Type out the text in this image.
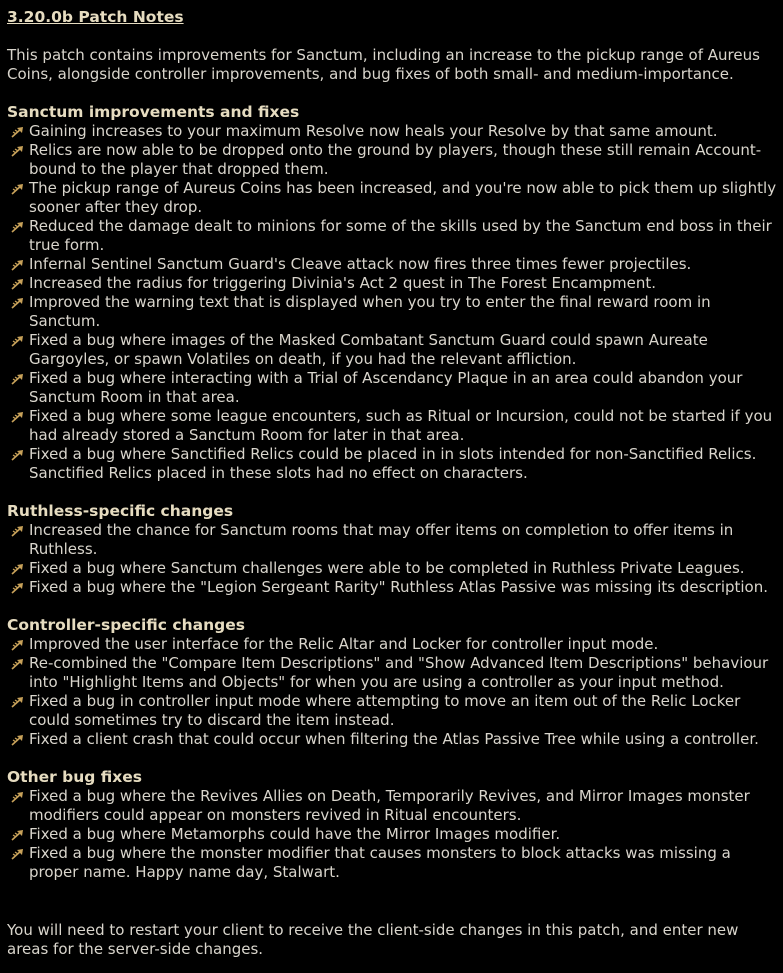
3.20.0b Patch Notes
This patch contains improvements for Sanctum, including an increase to the pickup range of Aureus Coins, alongside controller improvements, and bug fixes of both small- and medium-importance.
Sanctum improvements and fixes
Gaining increases to your maximum Resolve now heals your Resolve by that same amount.
Relics are now able to be dropped onto the ground by players, though these still remain Account-bound to the player that dropped them.
The pickup range of Aureus Coins has been increased, and you're now able to pick them up slightly sooner after they drop.
Reduced the damage dealt to minions for some of the skills used by the Sanctum end boss in their true form.
Infernal Sentinel Sanctum Guard's Cleave attack now fires three times fewer projectiles.
Increased the radius for triggering Divinia's Act 2 quest in The Forest Encampment.
Improved the warning text that is displayed when you try to enter the final reward room in Sanctum.
Fixed a bug where images of the Masked Combatant Sanctum Guard could spawn Aureate Gargoyles, or spawn Volatiles on death, if you had the relevant affliction.
Fixed a bug where interacting with a Trial of Ascendancy Plaque in an area could abandon your Sanctum Room in that area.
Fixed a bug where some league encounters, such as Ritual or Incursion, could not be started if you had already stored a Sanctum Room for later in that area.
Fixed a bug where Sanctified Relics could be placed in in slots intended for non-Sanctified Relics. Sanctified Relics placed in these slots had no effect on characters.
Ruthless-specific changes
Increased the chance for Sanctum rooms that may offer items on completion to offer items in Ruthless.
Fixed a bug where Sanctum challenges were able to be completed in Ruthless Private Leagues.
Fixed a bug where the "Legion Sergeant Rarity" Ruthless Atlas Passive was missing its description.
Controller-specific changes
Improved the user interface for the Relic Altar and Locker for controller input mode.
Re-combined the "Compare Item Descriptions" and "Show Advanced Item Descriptions" behaviour into "Highlight Items and Objects" for when you are using a controller as your input method.
Fixed a bug in controller input mode where attempting to move an item out of the Relic Locker could sometimes try to discard the item instead.
Fixed a client crash that could occur when filtering the Atlas Passive Tree while using a controller.
Other bug fixes
Fixed a bug where the Revives Allies on Death, Temporarily Revives, and Mirror Images monster modifiers could appear on monsters revived in Ritual encounters.
Fixed a bug where Metamorphs could have the Mirror Images modifier.
Fixed a bug where the monster modifier that causes monsters to block attacks was missing a proper name. Happy name day, Stalwart.
You will need to restart your client to receive the client-side changes in this patch, and enter new areas for the server-side changes.
